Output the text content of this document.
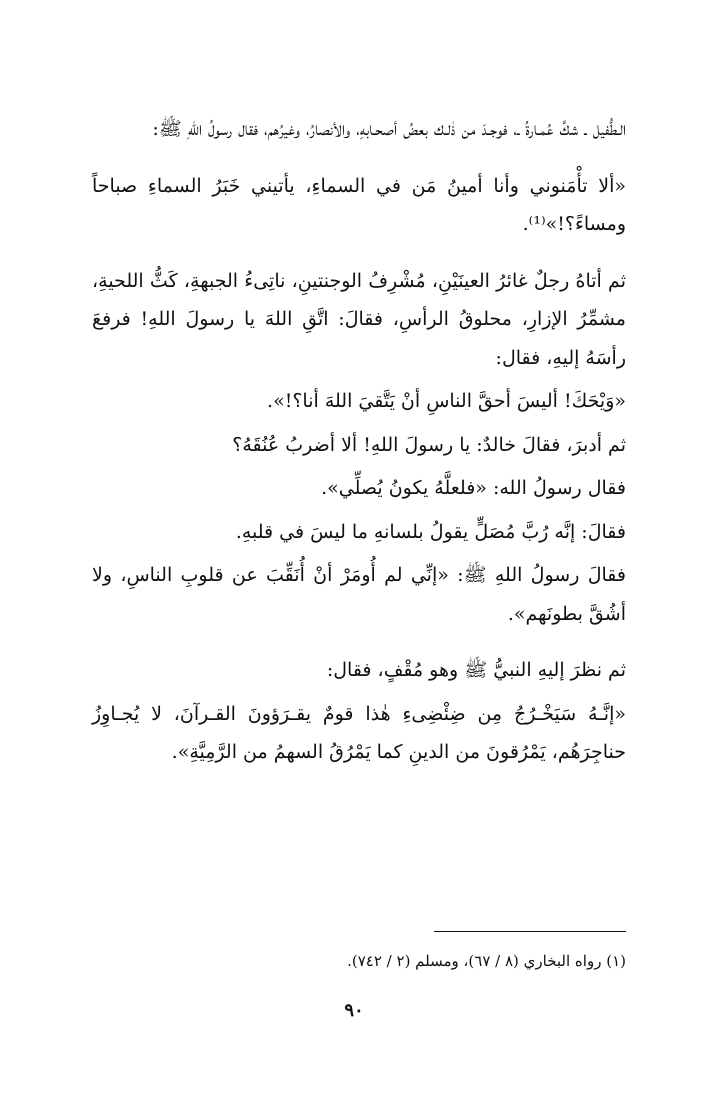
الـطُّفيل ـ شكَّ عُمـارةُ ـ، فوجـدَ من ذٰلـك بعضُ أصحـابهِ، والأنصارُ، وغيرُهم، فقال رسولُ اللهِ ﷺ:

«ألا تأْمَنوني وأنا أمينُ مَن في السماءِ، يأتيني خَبَرُ السماءِ صباحاً ومساءً؟!»⁽¹⁾.

ثم أتاهُ رجلٌ غائرُ العينَيْنِ، مُشْرِفُ الوجنتينِ، ناتِىءُ الجبهةِ، كَثُّ اللحيةِ، مشمِّرُ الإزارِ، محلوقُ الرأسِ، فقالَ: اتَّقِ اللهَ يا رسولَ اللهِ! فرفعَ رأسَهُ إليهِ، فقال:

«وَيْحَكَ! أليسَ أحقَّ الناسِ أنْ يَتَّقيَ اللهَ أنا؟!».

ثم أدبرَ، فقالَ خالدٌ: يا رسولَ اللهِ! ألا أضربُ عُنُقَهُ؟

فقال رسولُ الله: «فلعلَّهُ يكونُ يُصلِّي».

فقالَ: إنَّه رُبَّ مُصَلٍّ يقولُ بلسانهِ ما ليسَ في قلبهِ.

فقالَ رسولُ اللهِ ﷺ: «إنِّي لم أُومَرْ أنْ أُنَقِّبَ عن قلوبِ الناسِ، ولا أشُقَّ بطونَهم».

ثم نظرَ إليهِ النبيُّ ﷺ وهو مُقْفٍ، فقال:

«إنَّـهُ سَيَخْـرُجُ مِن ضِئْضِىءِ هٰذا قومٌ يقـرَؤونَ القـرآنَ، لا يُجـاوِزُ حناجِرَهُم، يَمْرُقونَ من الدينِ كما يَمْرُقُ السهمُ من الرَّمِيَّةِ».

(١) رواه البخاري (٨ / ٦٧)، ومسلم (٢ / ٧٤٢).
٩٠
